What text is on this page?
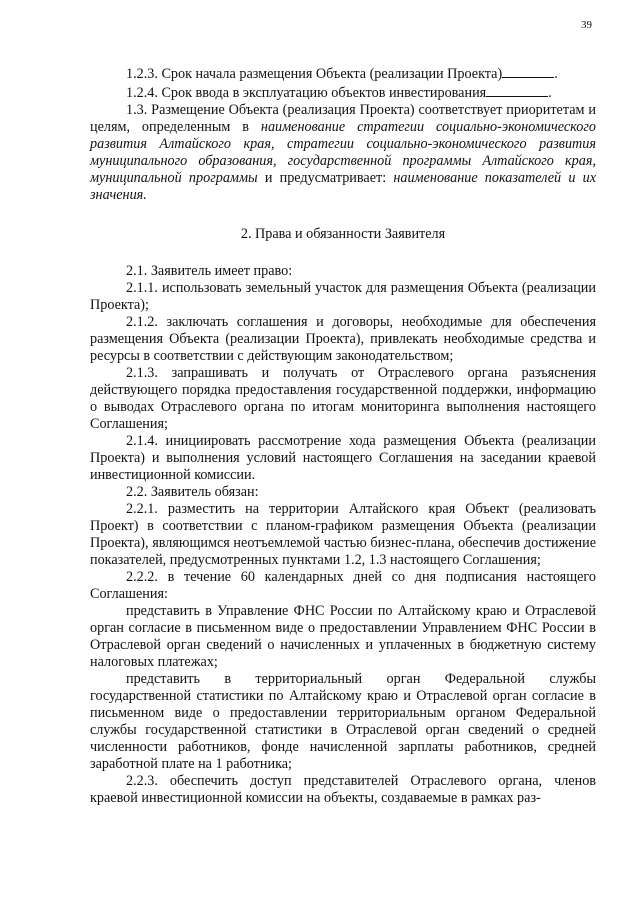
39

1.2.3. Срок начала размещения Объекта (реализации Проекта)	.

1.2.4. Срок ввода в эксплуатацию объектов инвестирования	.

1.3. Размещение Объекта (реализация Проекта) соответствует приоритетам и целям, определенным в наименование стратегии социально-экономического развития Алтайского края, стратегии социально-экономического развития муниципального образования, государственной программы Алтайского края, муниципальной программы и предусматривает: наименование показателей и их значения.

2. Права и обязанности Заявителя

2.1. Заявитель имеет право:

2.1.1. использовать земельный участок для размещения Объекта (реализации Проекта);

2.1.2. заключать соглашения и договоры, необходимые для обеспечения размещения Объекта (реализации Проекта), привлекать необходимые средства и ресурсы в соответствии с действующим законодательством;

2.1.3. запрашивать и получать от Отраслевого органа разъяснения действующего порядка предоставления государственной поддержки, информацию о выводах Отраслевого органа по итогам мониторинга выполнения настоящего Соглашения;

2.1.4. инициировать рассмотрение хода размещения Объекта (реализации Проекта) и выполнения условий настоящего Соглашения на заседании краевой инвестиционной комиссии.

2.2. Заявитель обязан:

2.2.1. разместить на территории Алтайского края Объект (реализовать Проект) в соответствии с планом-графиком размещения Объекта (реализации Проекта), являющимся неотъемлемой частью бизнес-плана, обеспечив достижение показателей, предусмотренных пунктами 1.2, 1.3 настоящего Соглашения;

2.2.2. в течение 60 календарных дней со дня подписания настоящего Соглашения:

представить в Управление ФНС России по Алтайскому краю и Отраслевой орган согласие в письменном виде о предоставлении Управлением ФНС России в Отраслевой орган сведений о начисленных и уплаченных в бюджетную систему налоговых платежах;

представить в территориальный орган Федеральной службы государственной статистики по Алтайскому краю и Отраслевой орган согласие в письменном виде о предоставлении территориальным органом Федеральной службы государственной статистики в Отраслевой орган сведений о средней численности работников, фонде начисленной зарплаты работников, средней заработной плате на 1 работника;

2.2.3. обеспечить доступ представителей Отраслевого органа, членов краевой инвестиционной комиссии на объекты, создаваемые в рамках раз-
